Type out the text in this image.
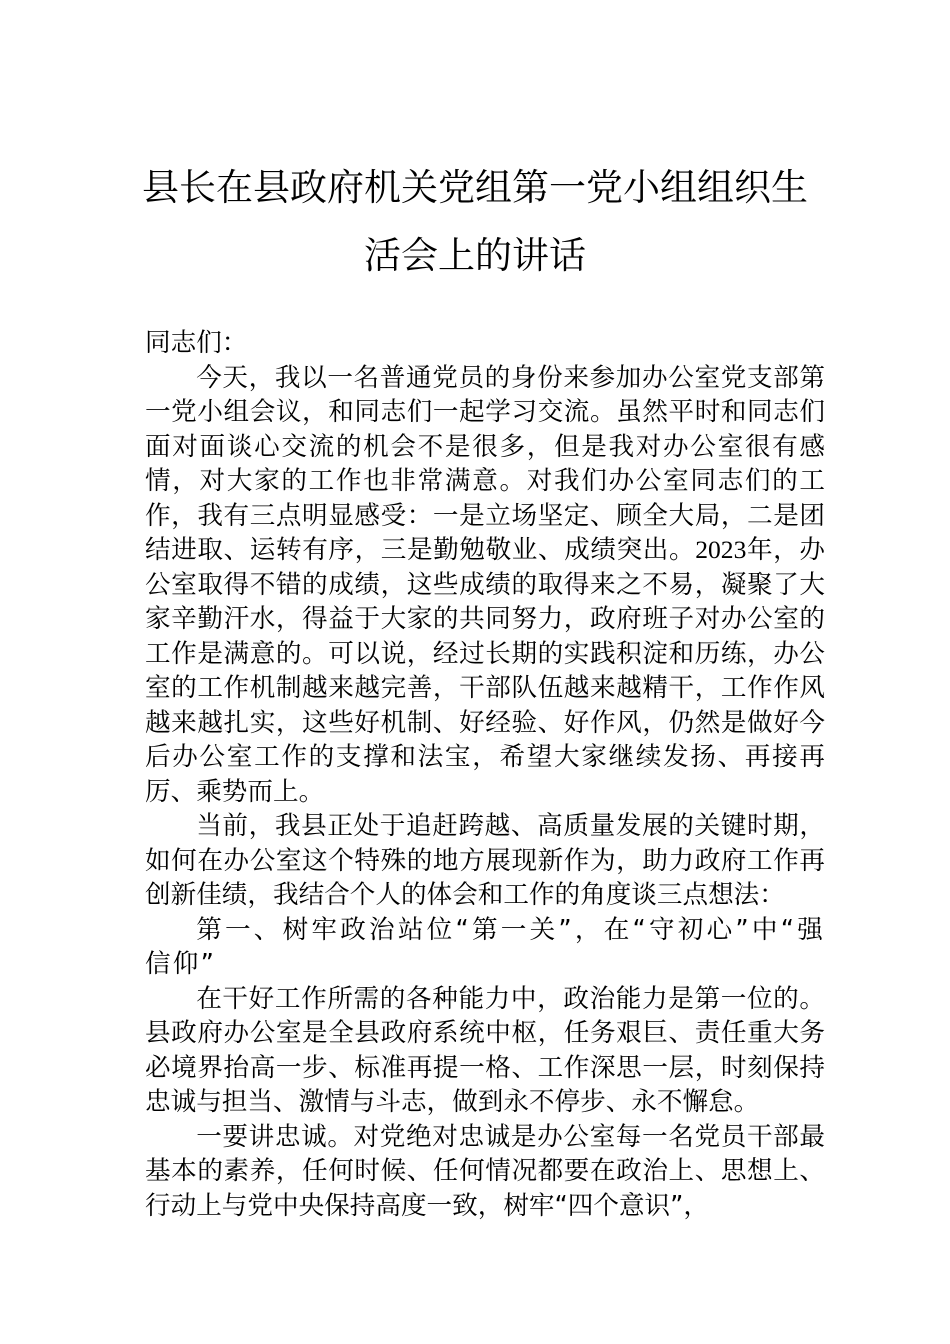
县长在县政府机关党组第一党小组组织生
活会上的讲话

同志们：

今天，我以一名普通党员的身份来参加办公室党支部第一党小组会议，和同志们一起学习交流。虽然平时和同志们面对面谈心交流的机会不是很多，但是我对办公室很有感情，对大家的工作也非常满意。对我们办公室同志们的工作，我有三点明显感受：一是立场坚定、顾全大局，二是团结进取、运转有序，三是勤勉敬业、成绩突出。2023年，办公室取得不错的成绩，这些成绩的取得来之不易，凝聚了大家辛勤汗水，得益于大家的共同努力，政府班子对办公室的工作是满意的。可以说，经过长期的实践积淀和历练，办公室的工作机制越来越完善，干部队伍越来越精干，工作作风越来越扎实，这些好机制、好经验、好作风，仍然是做好今后办公室工作的支撑和法宝，希望大家继续发扬、再接再厉、乘势而上。

当前，我县正处于追赶跨越、高质量发展的关键时期，如何在办公室这个特殊的地方展现新作为，助力政府工作再创新佳绩，我结合个人的体会和工作的角度谈三点想法：

第一、树牢政治站位“第一关”，在“守初心”中“强信仰”

在干好工作所需的各种能力中，政治能力是第一位的。县政府办公室是全县政府系统中枢，任务艰巨、责任重大务必境界抬高一步、标准再提一格、工作深思一层，时刻保持忠诚与担当、激情与斗志，做到永不停步、永不懈怠。

一要讲忠诚。对党绝对忠诚是办公室每一名党员干部最基本的素养，任何时候、任何情况都要在政治上、思想上、行动上与党中央保持高度一致，树牢“四个意识”，
